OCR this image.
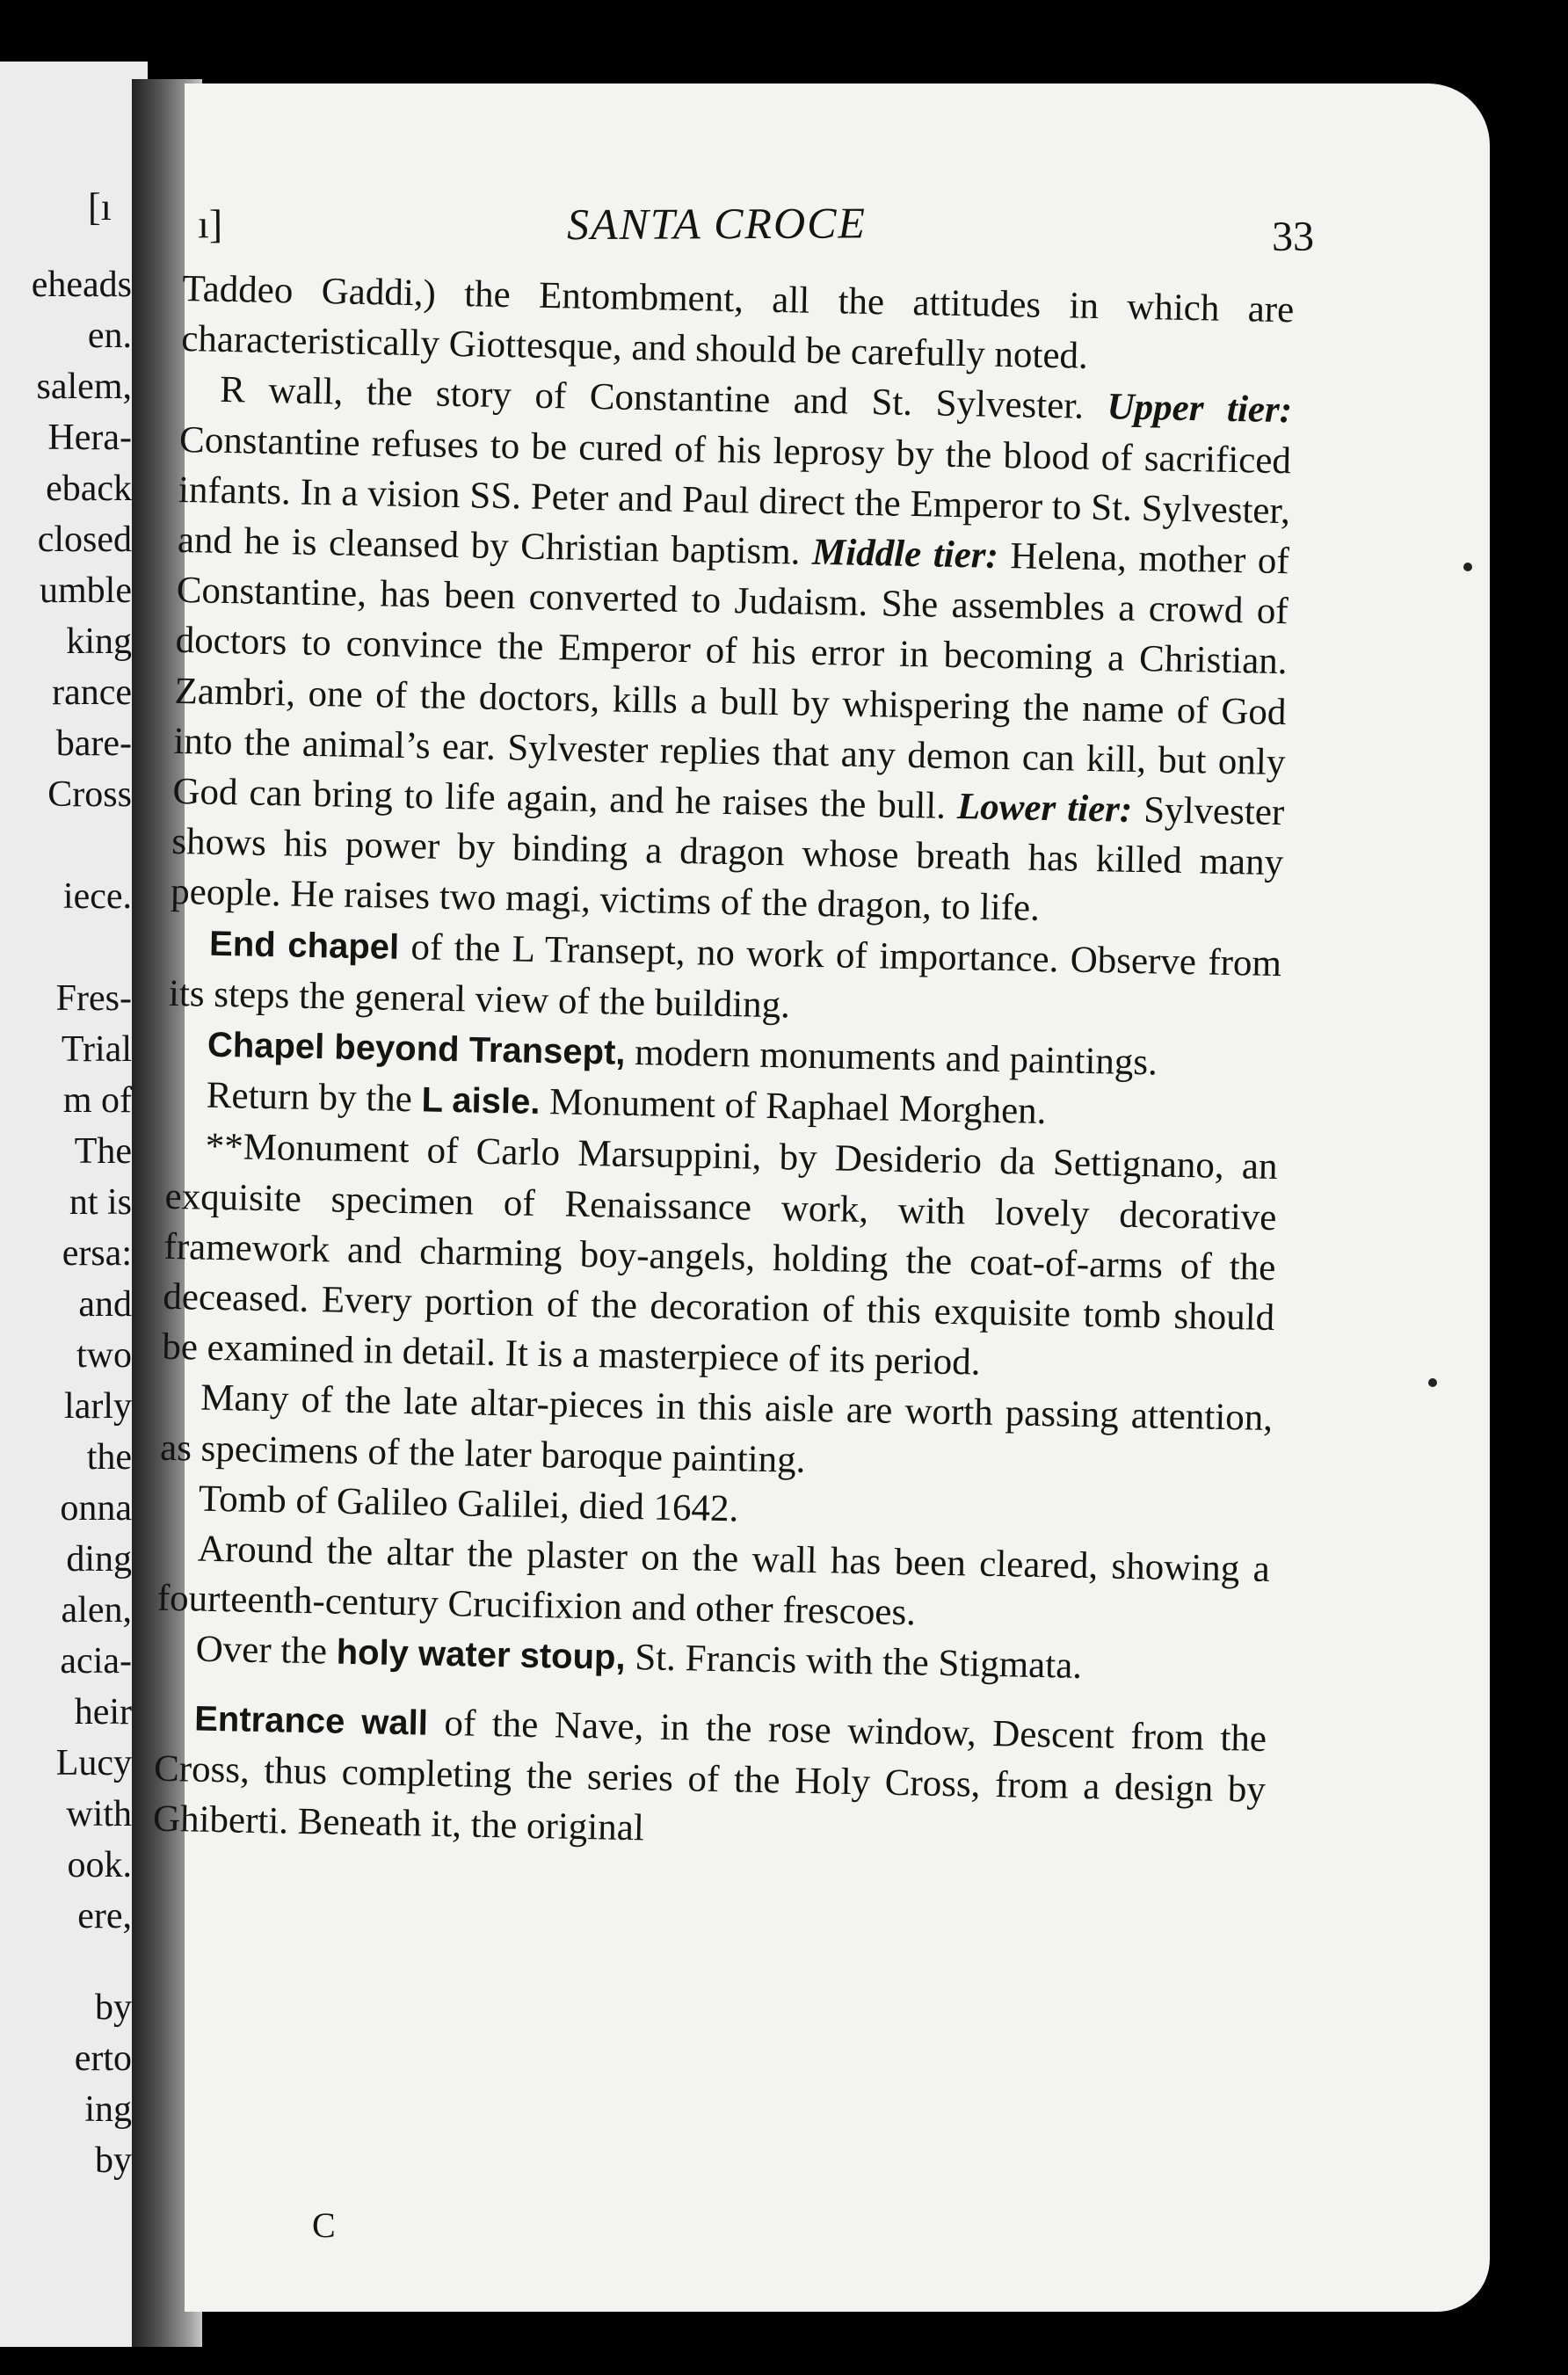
[ı
eheads
en.
salem,
Hera-
eback
closed
umble
king
rance
bare-
Cross
iece.
Fres-
Trial
m of
The
nt is
ersa:
and
two
larly
the
onna
ding
alen,
acia-
heir
Lucy
with
ook.
ere,
by
erto
ing
by
ı]	SANTA CROCE	33

Taddeo Gaddi,) the Entombment, all the attitudes in which are characteristically Giottesque, and should be carefully noted.

R wall, the story of Constantine and St. Sylvester. Upper tier: Constantine refuses to be cured of his leprosy by the blood of sacrificed infants. In a vision SS. Peter and Paul direct the Emperor to St. Sylvester, and he is cleansed by Christian baptism. Middle tier: Helena, mother of Constantine, has been converted to Judaism. She assembles a crowd of doctors to convince the Emperor of his error in becoming a Christian. Zambri, one of the doctors, kills a bull by whispering the name of God into the animal’s ear. Sylvester replies that any demon can kill, but only God can bring to life again, and he raises the bull. Lower tier: Sylvester shows his power by binding a dragon whose breath has killed many people. He raises two magi, victims of the dragon, to life.

End chapel of the L Transept, no work of importance. Observe from its steps the general view of the building.

Chapel beyond Transept, modern monuments and paintings.

Return by the L aisle. Monument of Raphael Morghen.

**Monument of Carlo Marsuppini, by Desiderio da Settignano, an exquisite specimen of Renaissance work, with lovely decorative framework and charming boy-angels, holding the coat-of-arms of the deceased. Every portion of the decoration of this exquisite tomb should be examined in detail. It is a masterpiece of its period.

Many of the late altar-pieces in this aisle are worth passing attention, as specimens of the later baroque painting.

Tomb of Galileo Galilei, died 1642.

Around the altar the plaster on the wall has been cleared, showing a fourteenth-century Crucifixion and other frescoes.

Over the holy water stoup, St. Francis with the Stigmata.

Entrance wall of the Nave, in the rose window, Descent from the Cross, thus completing the series of the Holy Cross, from a design by Ghiberti. Beneath it, the original

C
